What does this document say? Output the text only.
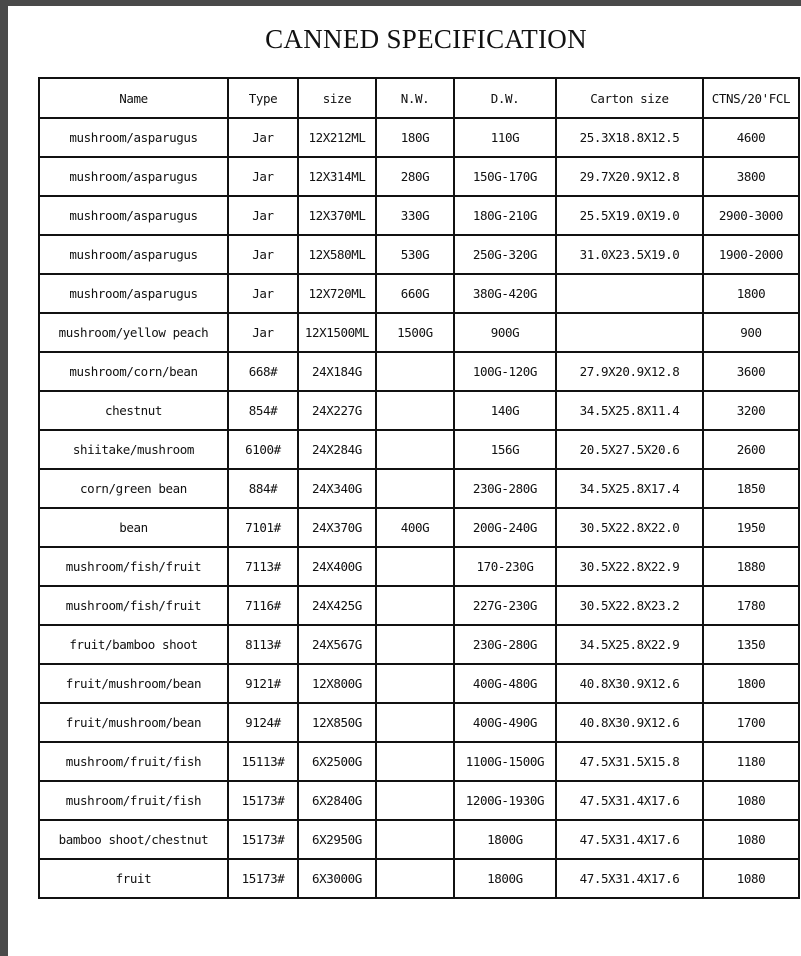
CANNED SPECIFICATION
Name	Type	size	N.W.	D.W.	Carton size	CTNS/20'FCL
mushroom/asparugus	Jar	12X212ML	180G	110G	25.3X18.8X12.5	4600
mushroom/asparugus	Jar	12X314ML	280G	150G-170G	29.7X20.9X12.8	3800
mushroom/asparugus	Jar	12X370ML	330G	180G-210G	25.5X19.0X19.0	2900-3000
mushroom/asparugus	Jar	12X580ML	530G	250G-320G	31.0X23.5X19.0	1900-2000
mushroom/asparugus	Jar	12X720ML	660G	380G-420G		1800
mushroom/yellow peach	Jar	12X1500ML	1500G	900G		900
mushroom/corn/bean	668#	24X184G		100G-120G	27.9X20.9X12.8	3600
chestnut	854#	24X227G		140G	34.5X25.8X11.4	3200
shiitake/mushroom	6100#	24X284G		156G	20.5X27.5X20.6	2600
corn/green bean	884#	24X340G		230G-280G	34.5X25.8X17.4	1850
bean	7101#	24X370G	400G	200G-240G	30.5X22.8X22.0	1950
mushroom/fish/fruit	7113#	24X400G		170-230G	30.5X22.8X22.9	1880
mushroom/fish/fruit	7116#	24X425G		227G-230G	30.5X22.8X23.2	1780
fruit/bamboo shoot	8113#	24X567G		230G-280G	34.5X25.8X22.9	1350
fruit/mushroom/bean	9121#	12X800G		400G-480G	40.8X30.9X12.6	1800
fruit/mushroom/bean	9124#	12X850G		400G-490G	40.8X30.9X12.6	1700
mushroom/fruit/fish	15113#	6X2500G		1100G-1500G	47.5X31.5X15.8	1180
mushroom/fruit/fish	15173#	6X2840G		1200G-1930G	47.5X31.4X17.6	1080
bamboo shoot/chestnut	15173#	6X2950G		1800G	47.5X31.4X17.6	1080
fruit	15173#	6X3000G		1800G	47.5X31.4X17.6	1080
